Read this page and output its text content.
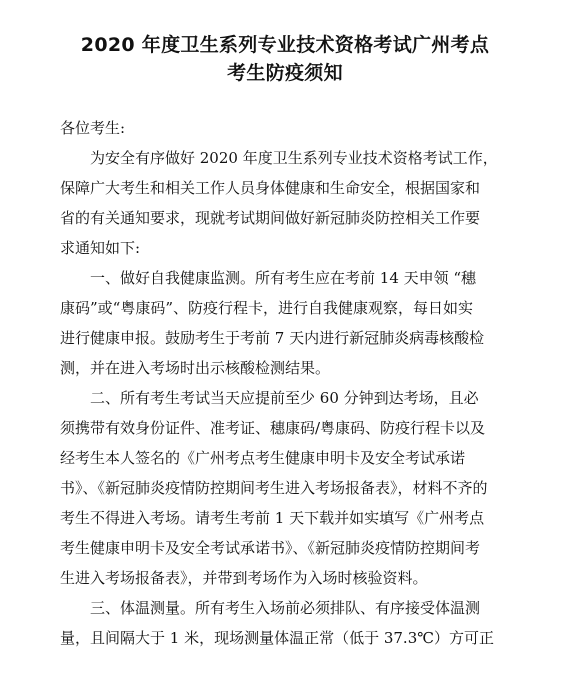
2020 年度卫生系列专业技术资格考试广州考点
考生防疫须知
各位考生:
　　为安全有序做好 2020 年度卫生系列专业技术资格考试工作，
保障广大考生和相关工作人员身体健康和生命安全，根据国家和
省的有关通知要求，现就考试期间做好新冠肺炎防控相关工作要
求通知如下:
　　一、做好自我健康监测。所有考生应在考前 14 天申领 “穗
康码”或“粤康码”、防疫行程卡，进行自我健康观察，每日如实
进行健康申报。鼓励考生于考前 7 天内进行新冠肺炎病毒核酸检
测，并在进入考场时出示核酸检测结果。
　　二、所有考生考试当天应提前至少 60 分钟到达考场，且必
须携带有效身份证件、准考证、穗康码/粤康码、防疫行程卡以及
经考生本人签名的《广州考点考生健康申明卡及安全考试承诺
书》、《新冠肺炎疫情防控期间考生进入考场报备表》，材料不齐的
考生不得进入考场。请考生考前 1 天下载并如实填写《广州考点
考生健康申明卡及安全考试承诺书》、《新冠肺炎疫情防控期间考
生进入考场报备表》，并带到考场作为入场时核验资料。
　　三、体温测量。所有考生入场前必须排队、有序接受体温测
量，且间隔大于 1 米，现场测量体温正常（低于 37.3℃）方可正
